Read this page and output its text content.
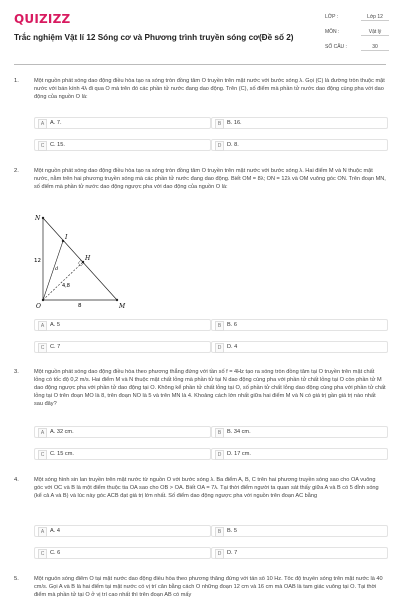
QUIZIZZ
Trắc nghiệm Vật lí 12 Sóng cơ và Phương trình truyền sóng cơ(Đề số 2)
LỚP :	Lớp 12
MÔN :	Vật lý
SỐ CÂU :	30
1.	Một nguồn phát sóng dao động điều hòa tạo ra sóng tròn đồng tâm O truyền trên mặt nước với bước sóng λ. Gọi (C) là đường tròn thuộc mặt nước với bán kính 4λ đi qua O mà trên đó các phần tử nước đang dao động. Trên (C), số điểm mà phần tử nước dao động cùng pha với dao động của nguồn O là:
A	A. 7.	B	B. 16.
C	C. 15.	D	D. 8.
2.	Một nguồn phát sóng dao động điều hòa tạo ra sóng tròn đồng tâm O truyền trên mặt nước với bước sóng λ. Hai điểm M và N thuộc mặt nước, nằm trên hai phương truyền sóng mà các phần tử nước đang dao động. Biết OM = 8λ; ON = 12λ và OM vuông góc ON. Trên đoạn MN, số điểm mà phần tử nước dao động ngược pha với dao động của nguồn O là:
N
I
H
O	M
d
12
8
4,8
A	A. 5	B	B. 6
C	C. 7	D	D. 4
3.	Một nguồn phát sóng dao động điều hòa theo phương thẳng đứng với tần số f = 4Hz tạo ra sóng tròn đồng tâm tại O truyền trên mặt chất lỏng có tốc độ 0,2 m/s. Hai điểm M và N thuộc mặt chất lỏng mà phần tử tại N dao động cùng pha với phần tử chất lỏng tại O còn phần tử M dao động ngược pha với phần tử dao động tại O. Không kể phần tử chất lỏng tại O, số phần tử chất lỏng dao động cùng pha với phần tử chất lỏng tại O trên đoạn MO là 8, trên đoạn NO là 5 và trên MN là 4. Khoảng cách lớn nhất giữa hai điểm M và N có giá trị gần giá trị nào nhất sau đây?
A	A. 32 cm.	B	B. 34 cm.
C	C. 15 cm.	D	D. 17 cm.
4.	Một sóng hình sin lan truyền trên mặt nước từ nguồn O với bước sóng λ. Ba điểm A, B, C trên hai phương truyền sóng sao cho OA vuông góc với OC và B là một điểm thuộc tia OA sao cho OB > OA. Biết OA = 7λ. Tại thời điểm người ta quan sát thấy giữa A và B có 5 đỉnh sóng (kể cả A và B) và lúc này góc ACB đạt giá trị lớn nhất. Số điểm dao động ngược pha với nguồn trên đoạn AC bằng
A	A. 4	B	B. 5
C	C. 6	D	D. 7
5.	Một nguồn sóng điểm O tại mặt nước dao động điều hòa theo phương thẳng đứng với tần số 10 Hz. Tốc độ truyền sóng trên mặt nước là 40 cm/s. Gọi A và B là hai điểm tại mặt nước có vị trí cân bằng cách O những đoạn 12 cm và 16 cm mà OAB là tam giác vuông tại O. Tại thời điểm mà phần tử tại O ở vị trí cao nhất thì trên đoạn AB có mấy
